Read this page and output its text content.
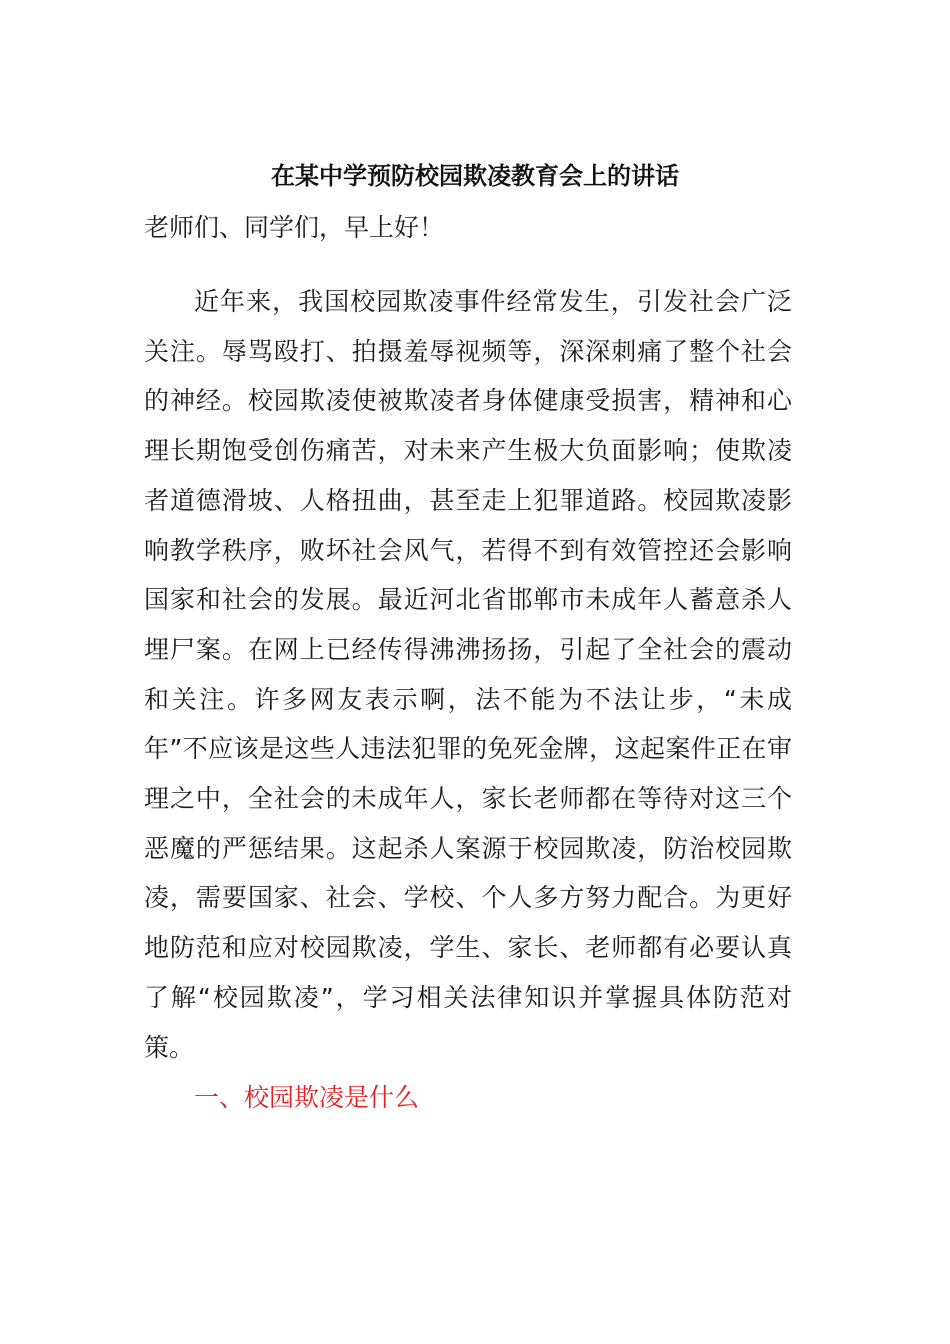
在某中学预防校园欺凌教育会上的讲话
老师们、同学们，早上好！
近年来，我国校园欺凌事件经常发生，引发社会广泛关注。辱骂殴打、拍摄羞辱视频等，深深刺痛了整个社会的神经。校园欺凌使被欺凌者身体健康受损害，精神和心理长期饱受创伤痛苦，对未来产生极大负面影响；使欺凌者道德滑坡、人格扭曲，甚至走上犯罪道路。校园欺凌影响教学秩序，败坏社会风气，若得不到有效管控还会影响国家和社会的发展。最近河北省邯郸市未成年人蓄意杀人埋尸案。在网上已经传得沸沸扬扬，引起了全社会的震动和关注。许多网友表示啊，法不能为不法让步，“未成年”不应该是这些人违法犯罪的免死金牌，这起案件正在审理之中，全社会的未成年人，家长老师都在等待对这三个恶魔的严惩结果。这起杀人案源于校园欺凌，防治校园欺凌，需要国家、社会、学校、个人多方努力配合。为更好地防范和应对校园欺凌，学生、家长、老师都有必要认真了解“校园欺凌”，学习相关法律知识并掌握具体防范对策。
一、校园欺凌是什么
